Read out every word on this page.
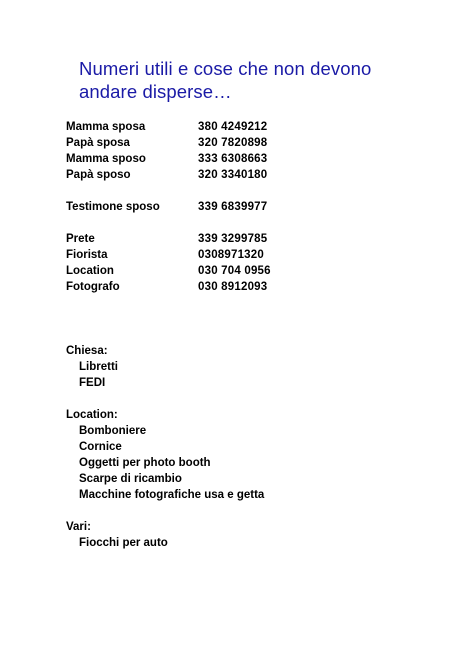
Numeri utili e cose che non devono andare disperse…
Mamma sposa	380 4249212
Papà sposa	320 7820898
Mamma sposo	333 6308663
Papà sposo	320 3340180
Testimone sposo	339 6839977
Prete	339 3299785
Fiorista	0308971320
Location	030 704 0956
Fotografo	030 8912093
Chiesa:
Libretti
FEDI
Location:
Bomboniere
Cornice
Oggetti per photo booth
Scarpe di ricambio
Macchine fotografiche usa e getta
Vari:
Fiocchi per auto
